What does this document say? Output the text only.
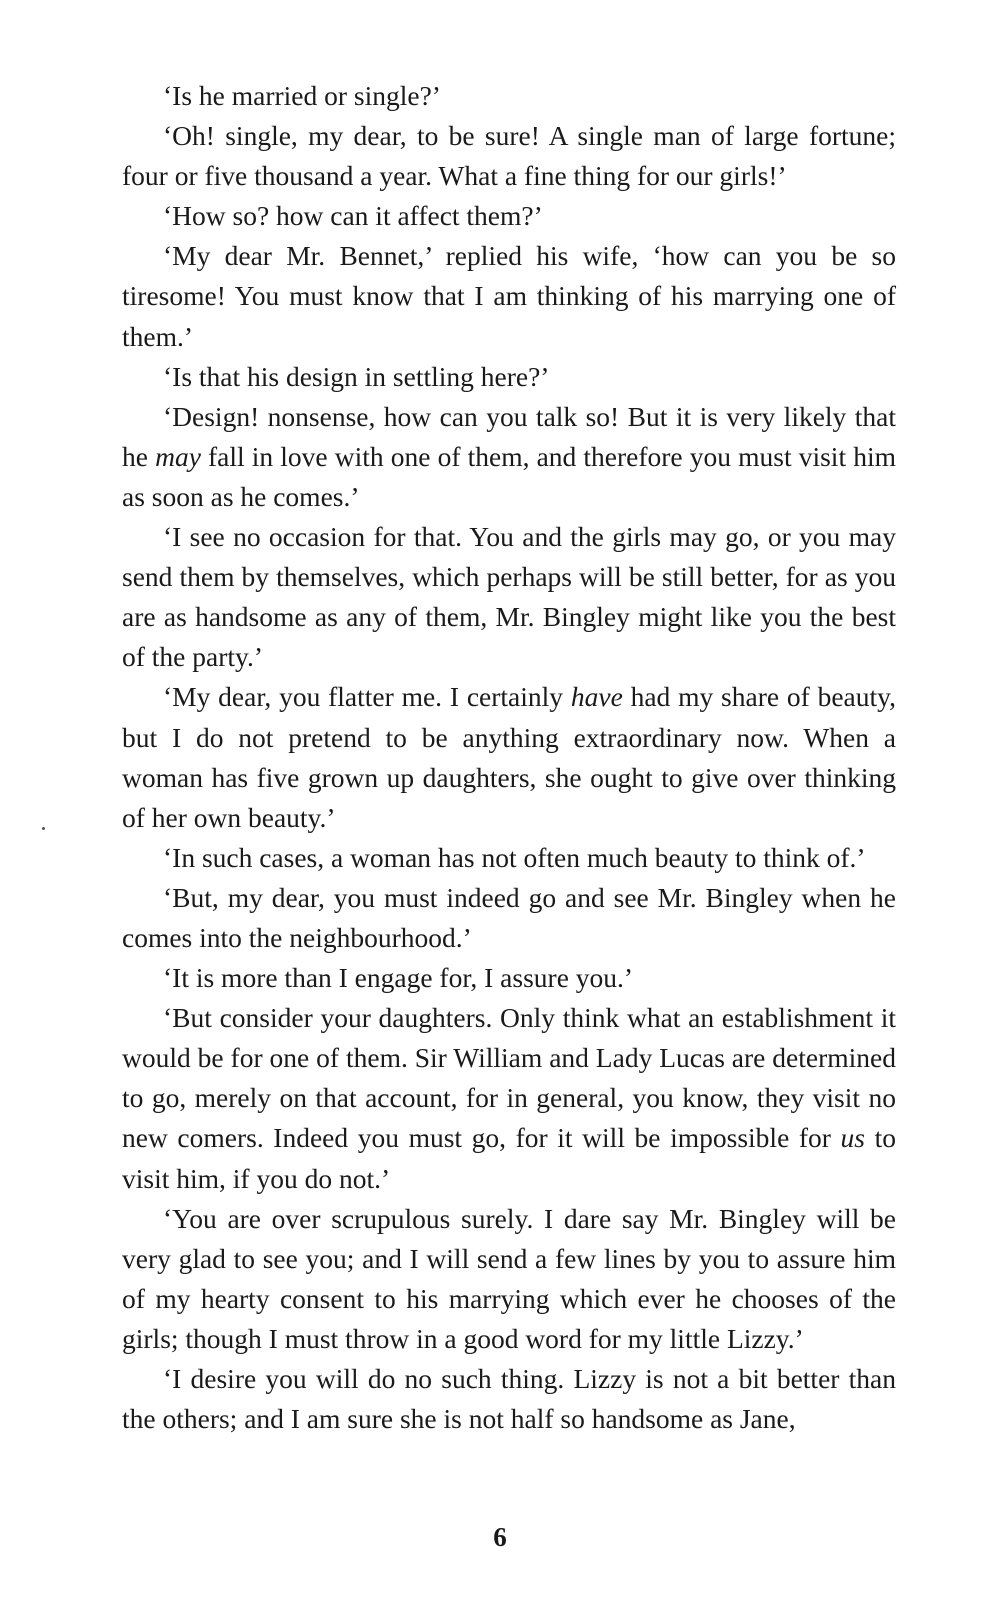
‘Is he married or single?’

‘Oh! single, my dear, to be sure! A single man of large fortune; four or five thousand a year. What a fine thing for our girls!’

‘How so? how can it affect them?’

‘My dear Mr. Bennet,’ replied his wife, ‘how can you be so tiresome! You must know that I am thinking of his marrying one of them.’

‘Is that his design in settling here?’

‘Design! nonsense, how can you talk so! But it is very likely that he may fall in love with one of them, and therefore you must visit him as soon as he comes.’

‘I see no occasion for that. You and the girls may go, or you may send them by themselves, which perhaps will be still better, for as you are as handsome as any of them, Mr. Bingley might like you the best of the party.’

‘My dear, you flatter me. I certainly have had my share of beauty, but I do not pretend to be anything extraordinary now. When a woman has five grown up daughters, she ought to give over thinking of her own beauty.’

‘In such cases, a woman has not often much beauty to think of.’

‘But, my dear, you must indeed go and see Mr. Bingley when he comes into the neighbourhood.’

‘It is more than I engage for, I assure you.’

‘But consider your daughters. Only think what an establishment it would be for one of them. Sir William and Lady Lucas are determined to go, merely on that account, for in general, you know, they visit no new comers. Indeed you must go, for it will be impossible for us to visit him, if you do not.’

‘You are over scrupulous surely. I dare say Mr. Bingley will be very glad to see you; and I will send a few lines by you to assure him of my hearty consent to his marrying which ever he chooses of the girls; though I must throw in a good word for my little Lizzy.’

‘I desire you will do no such thing. Lizzy is not a bit better than the others; and I am sure she is not half so handsome as Jane,

6
